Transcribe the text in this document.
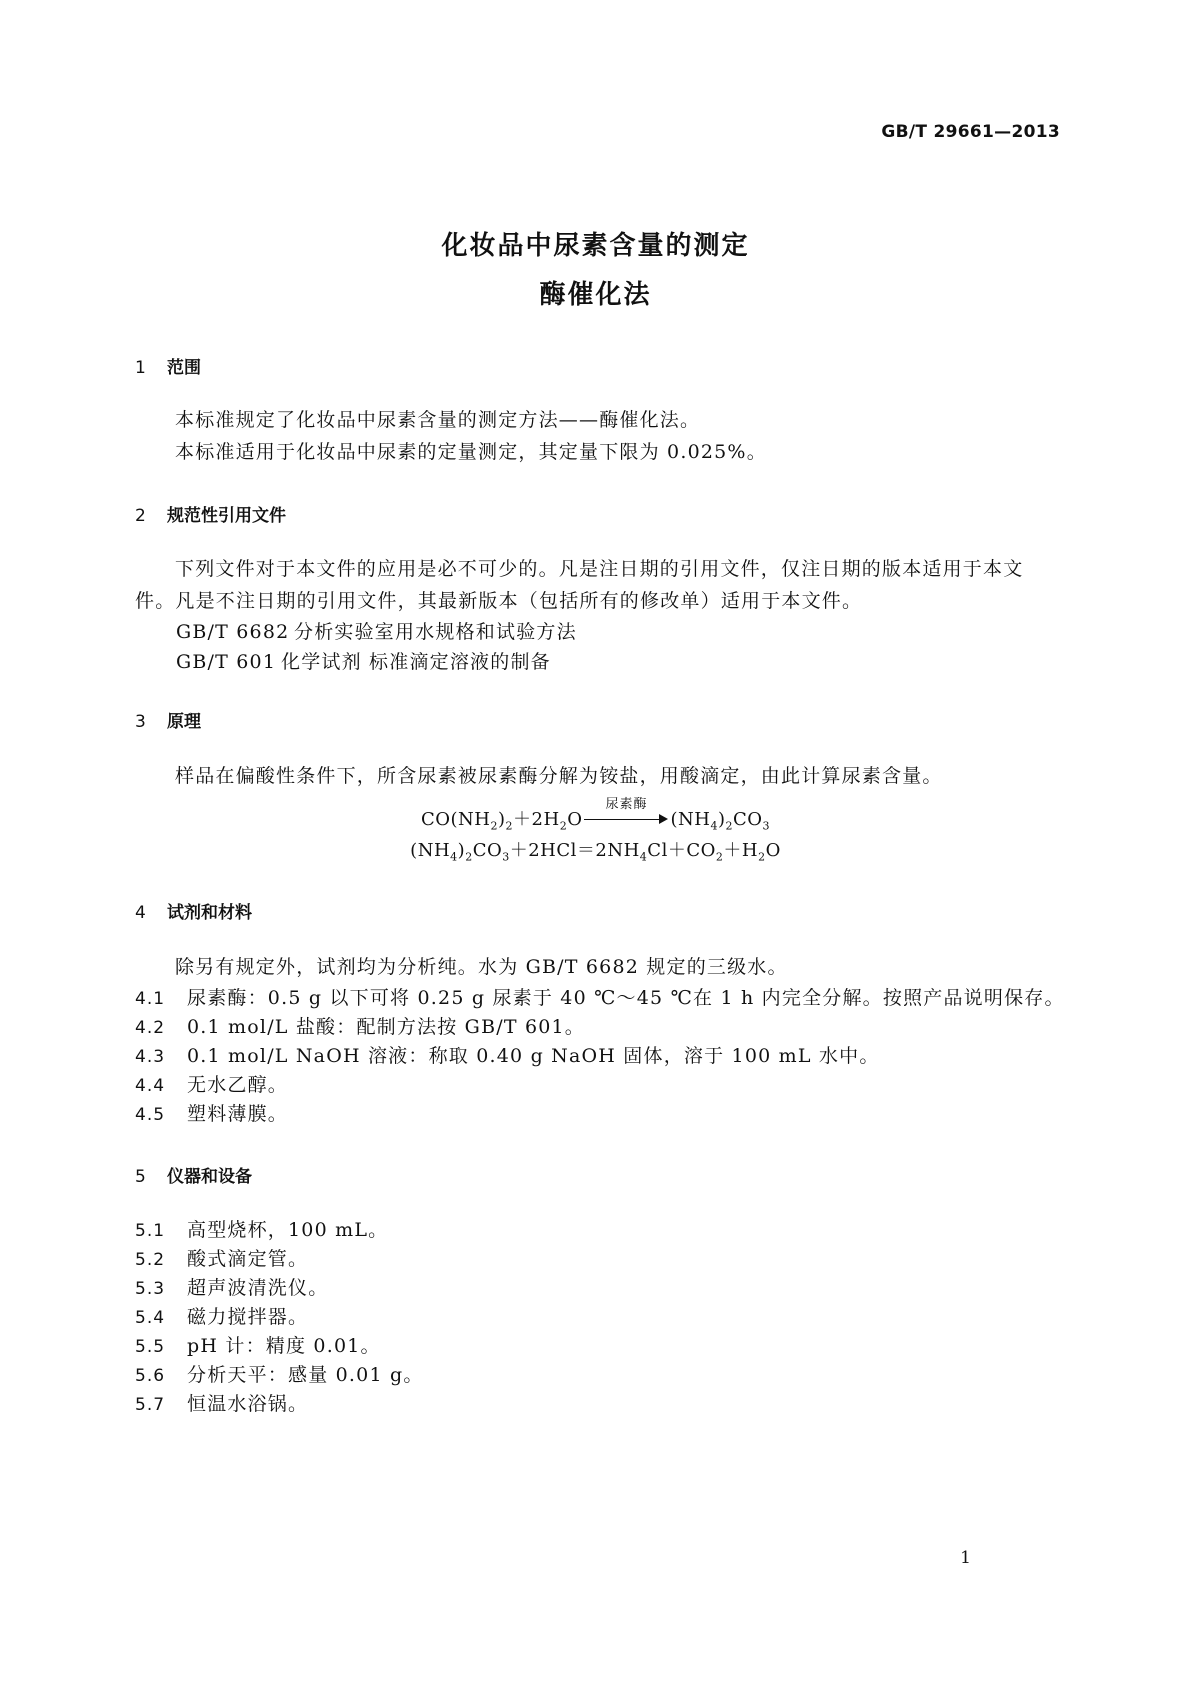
GB/T 29661—2013
化妆品中尿素含量的测定
酶催化法
1 范围
本标准规定了化妆品中尿素含量的测定方法——酶催化法。
本标准适用于化妆品中尿素的定量测定，其定量下限为 0.025%。
2 规范性引用文件
下列文件对于本文件的应用是必不可少的。凡是注日期的引用文件，仅注日期的版本适用于本文件。凡是不注日期的引用文件，其最新版本（包括所有的修改单）适用于本文件。
GB/T 6682 分析实验室用水规格和试验方法
GB/T 601 化学试剂 标准滴定溶液的制备
3 原理
样品在偏酸性条件下，所含尿素被尿素酶分解为铵盐，用酸滴定，由此计算尿素含量。
$CO(NH_2)_2+2H_2O$
尿素酶
$(NH_4)_2CO_3$
$(NH_4)_2CO_3+2HCl=2NH_4Cl+CO_2+H_2O$
4 试剂和材料
除另有规定外，试剂均为分析纯。水为 GB/T 6682 规定的三级水。
4.1 尿素酶：0.5 g 以下可将 0.25 g 尿素于 40 ℃～45 ℃在 1 h 内完全分解。按照产品说明保存。
4.2 0.1 mol/L 盐酸：配制方法按 GB/T 601。
4.3 0.1 mol/L NaOH 溶液：称取 0.40 g NaOH 固体，溶于 100 mL 水中。
4.4 无水乙醇。
4.5 塑料薄膜。
5 仪器和设备
5.1 高型烧杯，100 mL。
5.2 酸式滴定管。
5.3 超声波清洗仪。
5.4 磁力搅拌器。
5.5 pH 计：精度 0.01。
5.6 分析天平：感量 0.01 g。
5.7 恒温水浴锅。
1
